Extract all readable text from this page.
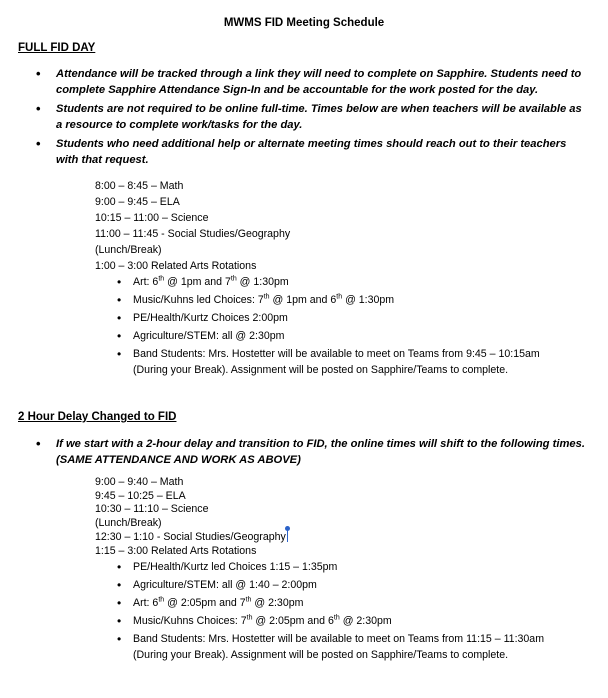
MWMS FID Meeting Schedule
FULL FID DAY
• Attendance will be tracked through a link they will need to complete on Sapphire. Students need to complete Sapphire Attendance Sign-In and be accountable for the work posted for the day.
• Students are not required to be online full-time. Times below are when teachers will be available as a resource to complete work/tasks for the day.
• Students who need additional help or alternate meeting times should reach out to their teachers with that request.
8:00 – 8:45 – Math
9:00 – 9:45 – ELA
10:15 – 11:00 – Science
11:00 – 11:45 - Social Studies/Geography
(Lunch/Break)
1:00 – 3:00 Related Arts Rotations
• Art: 6th @ 1pm and 7th @ 1:30pm
• Music/Kuhns led Choices: 7th @ 1pm and 6th @ 1:30pm
• PE/Health/Kurtz Choices 2:00pm
• Agriculture/STEM: all @ 2:30pm
• Band Students: Mrs. Hostetter will be available to meet on Teams from 9:45 – 10:15am
(During your Break). Assignment will be posted on Sapphire/Teams to complete.
2 Hour Delay Changed to FID
• If we start with a 2-hour delay and transition to FID, the online times will shift to the following times.
(SAME ATTENDANCE AND WORK AS ABOVE)
9:00 – 9:40 – Math
9:45 – 10:25 – ELA
10:30 – 11:10 – Science
(Lunch/Break)
12:30 – 1:10 - Social Studies/Geography
1:15 – 3:00 Related Arts Rotations
• PE/Health/Kurtz led Choices 1:15 – 1:35pm
• Agriculture/STEM: all @ 1:40 – 2:00pm
• Art: 6th @ 2:05pm and 7th @ 2:30pm
• Music/Kuhns Choices: 7th @ 2:05pm and 6th @ 2:30pm
• Band Students: Mrs. Hostetter will be available to meet on Teams from 11:15 – 11:30am
(During your Break). Assignment will be posted on Sapphire/Teams to complete.
